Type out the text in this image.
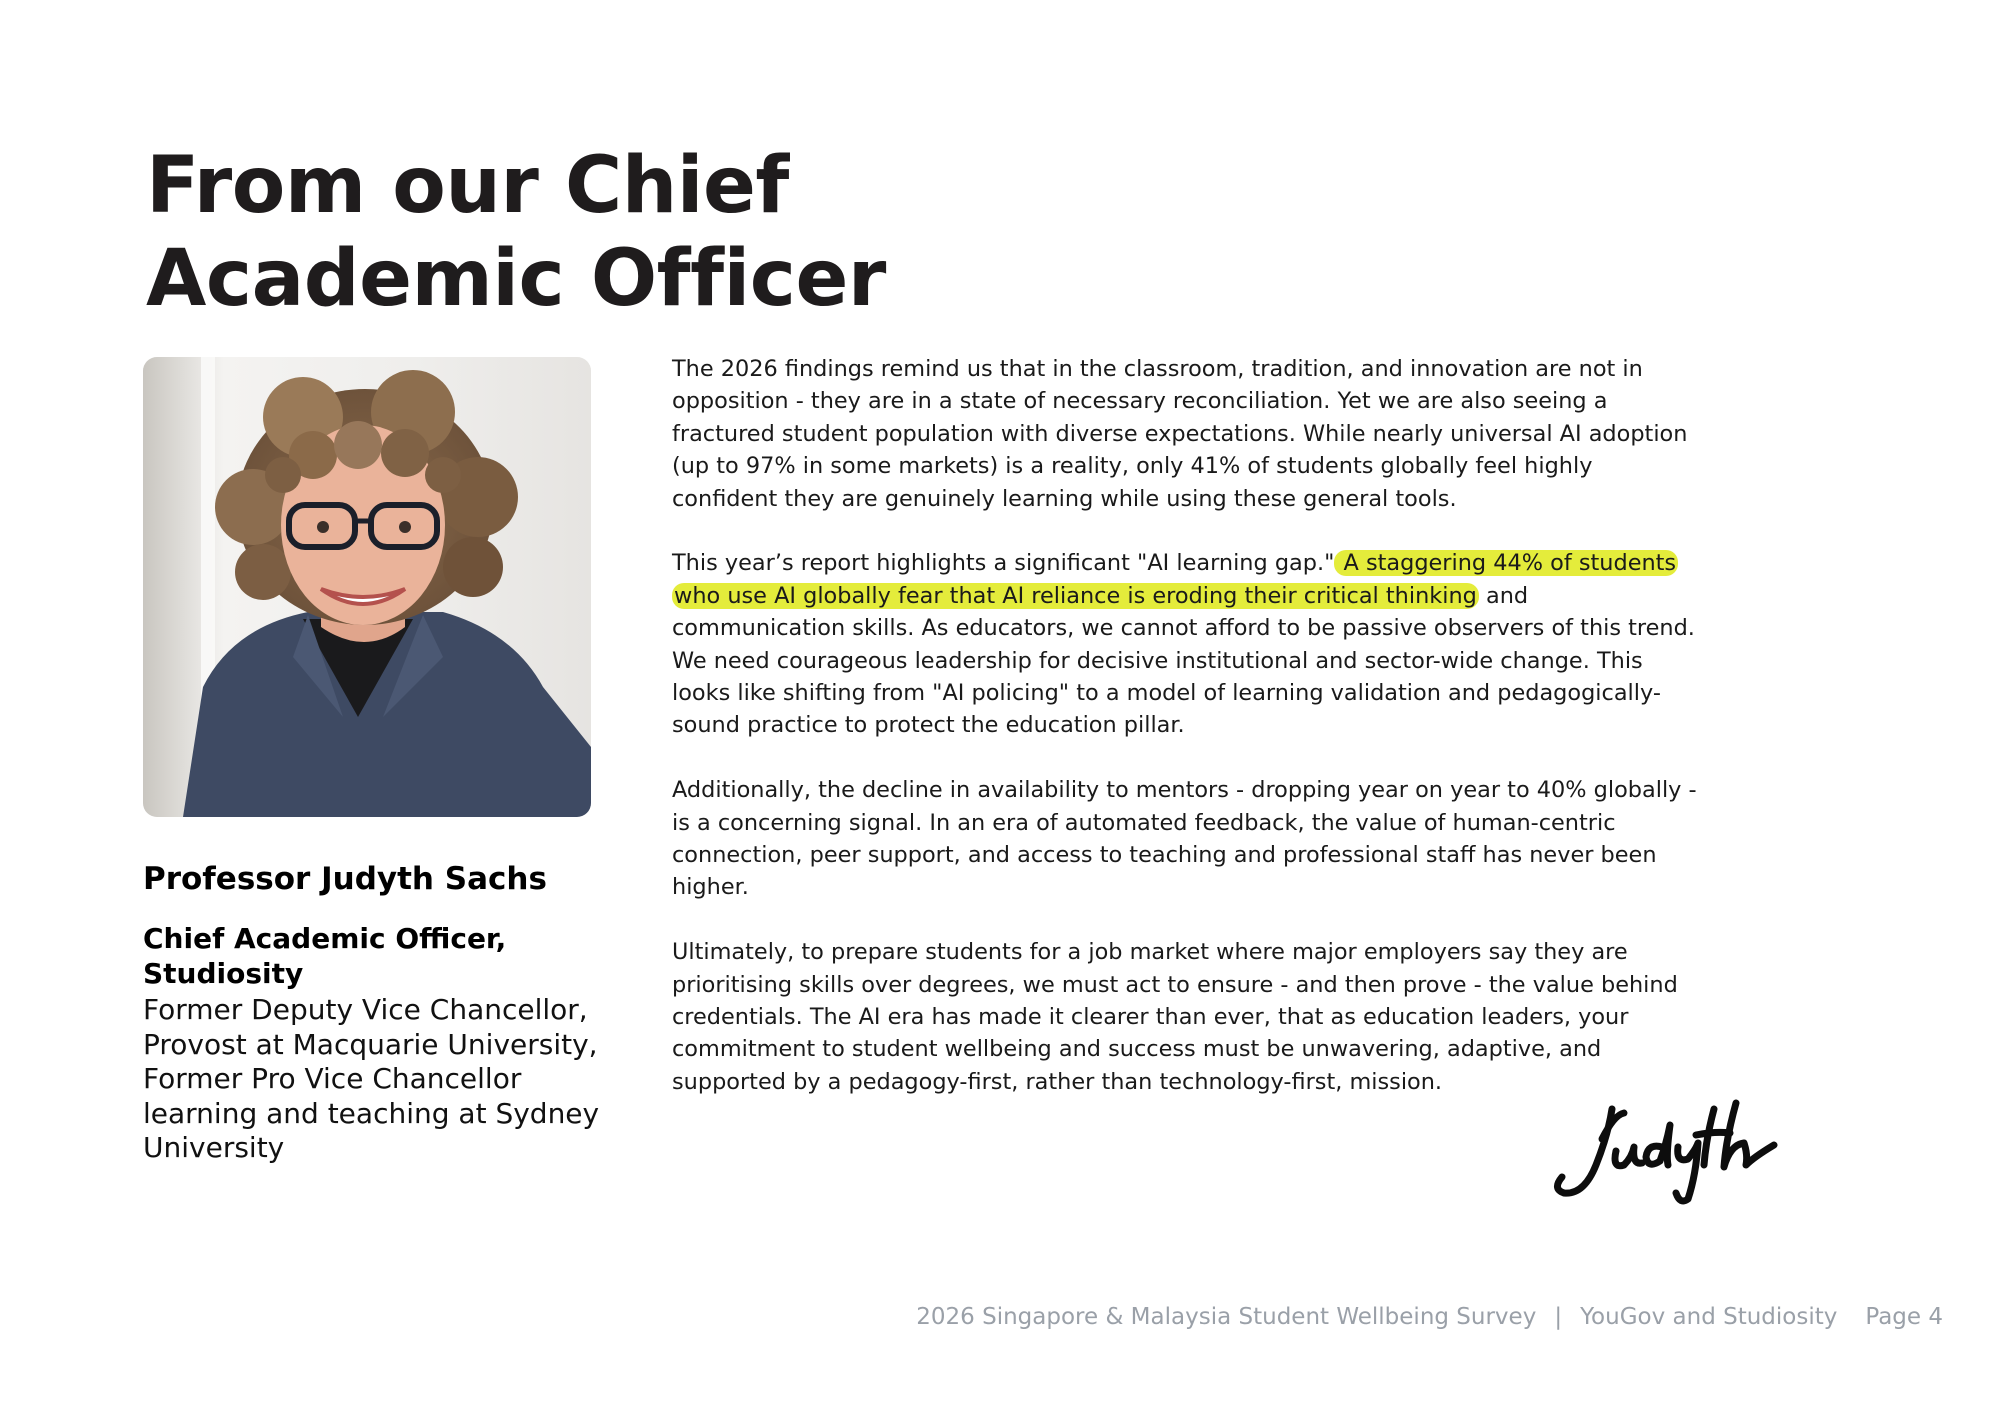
From our Chief
Academic Officer
Professor Judyth Sachs
Chief Academic Officer, Studiosity
Former Deputy Vice Chancellor, Provost at Macquarie University, Former Pro Vice Chancellor learning and teaching at Sydney University

The 2026 findings remind us that in the classroom, tradition, and innovation are not in opposition - they are in a state of necessary reconciliation. Yet we are also seeing a fractured student population with diverse expectations. While nearly universal AI adoption (up to 97% in some markets) is a reality, only 41% of students globally feel highly confident they are genuinely learning while using these general tools.

This year’s report highlights a significant "AI learning gap." A staggering 44% of students who use AI globally fear that AI reliance is eroding their critical thinking and communication skills. As educators, we cannot afford to be passive observers of this trend. We need courageous leadership for decisive institutional and sector-wide change. This looks like shifting from "AI policing" to a model of learning validation and pedagogically-sound practice to protect the education pillar.

Additionally, the decline in availability to mentors - dropping year on year to 40% globally - is a concerning signal. In an era of automated feedback, the value of human-centric connection, peer support, and access to teaching and professional staff has never been higher.

Ultimately, to prepare students for a job market where major employers say they are prioritising skills over degrees, we must act to ensure - and then prove - the value behind credentials. The AI era has made it clearer than ever, that as education leaders, your commitment to student wellbeing and success must be unwavering, adaptive, and supported by a pedagogy-first, rather than technology-first, mission.

2026 Singapore & Malaysia Student Wellbeing Survey | YouGov and Studiosity Page 4
